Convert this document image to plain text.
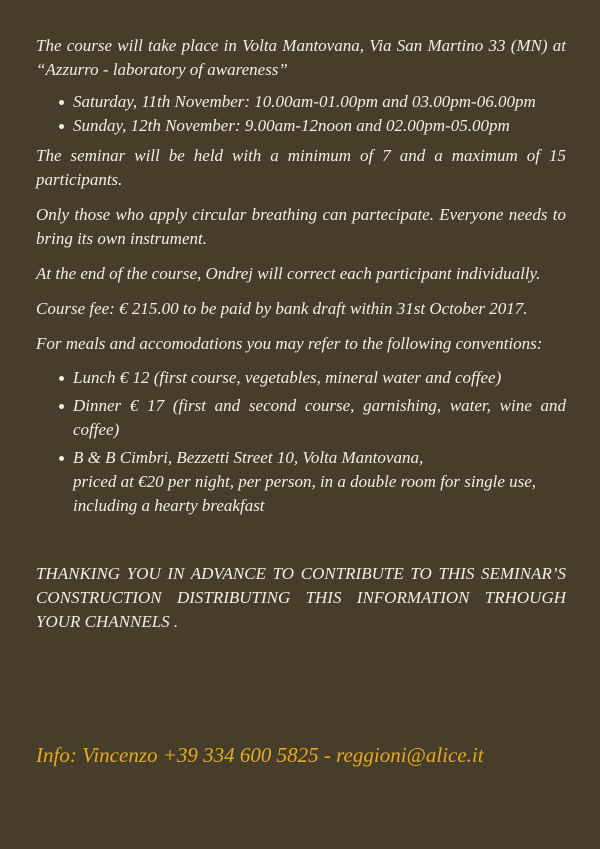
The course will take place in Volta Mantovana, Via San Martino 33 (MN) at “Azzurro - laboratory of awareness”

Saturday, 11th November: 10.00am-01.00pm and 03.00pm-06.00pm
Sunday, 12th November: 9.00am-12noon and 02.00pm-05.00pm

The seminar will be held with a minimum of 7 and a maximum of 15 participants.

Only those who apply circular breathing can partecipate. Everyone needs to bring its own instrument.

At the end of the course, Ondrej will correct each participant individually.

Course fee: € 215.00 to be paid by bank draft within 31st October 2017.

For meals and accomodations you may refer to the following conventions:

Lunch € 12 (first course, vegetables, mineral water and coffee)
Dinner € 17 (first and second course, garnishing, water, wine and coffee)
B & B Cimbri, Bezzetti Street 10, Volta Mantovana,
priced at €20 per night, per person, in a double room for single use, including a hearty breakfast

THANKING YOU IN ADVANCE TO CONTRIBUTE TO THIS SEMINAR’S CONSTRUCTION DISTRIBUTING THIS INFORMATION TRHOUGH YOUR CHANNELS .

Info: Vincenzo +39 334 600 5825 - reggioni@alice.it
